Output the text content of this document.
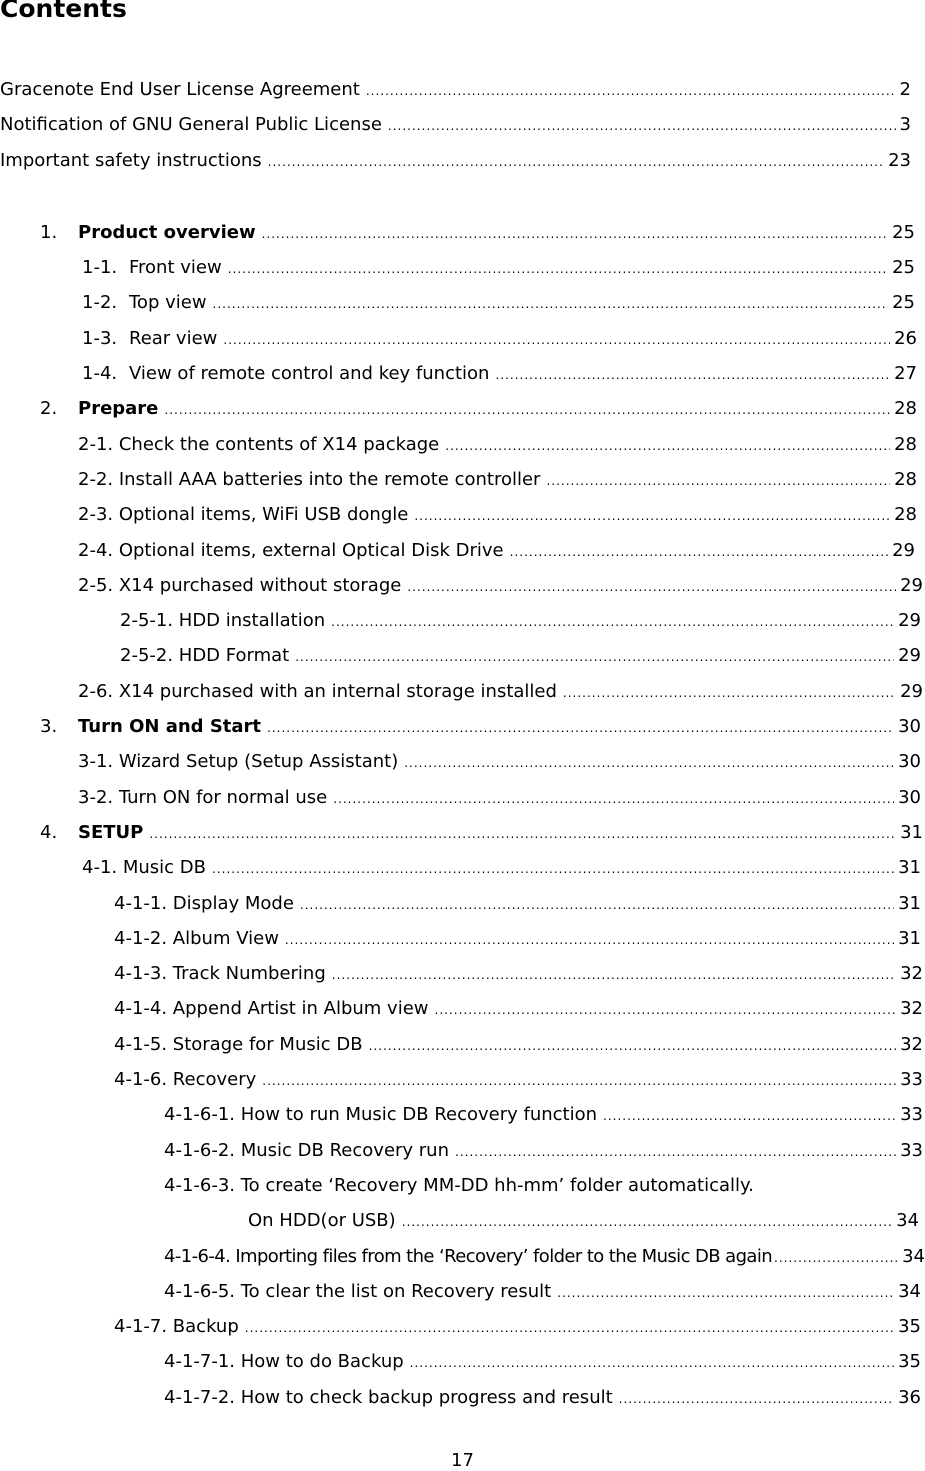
Contents
Gracenote End User License Agreement .....	2
Notification of GNU General Public License .....	3
Important safety instructions .....	23
1.	Product overview .....	25
1-1. Front view .....	25
1-2. Top view .....	25
1-3. Rear view .....	26
1-4. View of remote control and key function .....	27
2.	Prepare .....	28
2-1. Check the contents of X14 package .....	28
2-2. Install AAA batteries into the remote controller .....	28
2-3. Optional items, WiFi USB dongle .....	28
2-4. Optional items, external Optical Disk Drive .....	29
2-5. X14 purchased without storage .....	29
2-5-1. HDD installation .....	29
2-5-2. HDD Format .....	29
2-6. X14 purchased with an internal storage installed .....	29
3.	Turn ON and Start .....	30
3-1. Wizard Setup (Setup Assistant) .....	30
3-2. Turn ON for normal use .....	30
4.	SETUP .....	31
4-1. Music DB .....	31
4-1-1. Display Mode .....	31
4-1-2. Album View .....	31
4-1-3. Track Numbering .....	32
4-1-4. Append Artist in Album view .....	32
4-1-5. Storage for Music DB .....	32
4-1-6. Recovery .....	33
4-1-6-1. How to run Music DB Recovery function .....	33
4-1-6-2. Music DB Recovery run .....	33
4-1-6-3. To create ‘Recovery MM-DD hh-mm’ folder automatically.
On HDD(or USB) .....	34
4-1-6-4. Importing files from the ‘Recovery’ folder to the Music DB again .....	34
4-1-6-5. To clear the list on Recovery result .....	34
4-1-7. Backup .....	35
4-1-7-1. How to do Backup .....	35
4-1-7-2. How to check backup progress and result .....	36
17
